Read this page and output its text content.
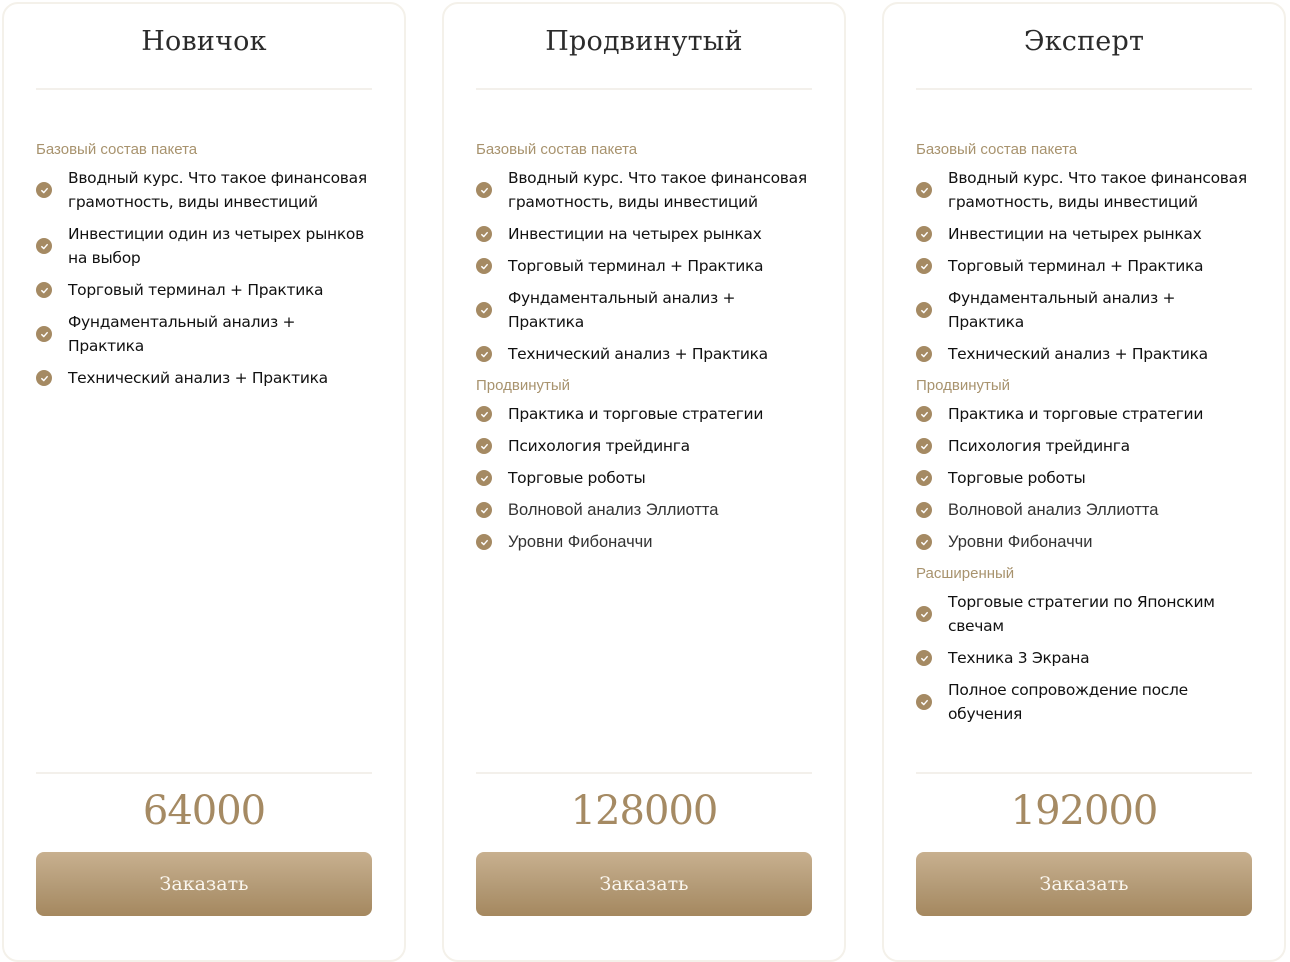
Новичок
Базовый состав пакета
Вводный курс. Что такое финансовая грамотность, виды инвестиций
Инвестиции один из четырех рынков на выбор
Торговый терминал + Практика
Фундаментальный анализ + Практика
Технический анализ + Практика
64000
Заказать
Продвинутый
Базовый состав пакета
Вводный курс. Что такое финансовая грамотность, виды инвестиций
Инвестиции на четырех рынках
Торговый терминал + Практика
Фундаментальный анализ + Практика
Технический анализ + Практика
Продвинутый
Практика и торговые стратегии
Психология трейдинга
Торговые роботы
Волновой анализ Эллиотта
Уровни Фибоначчи
128000
Заказать
Эксперт
Базовый состав пакета
Вводный курс. Что такое финансовая грамотность, виды инвестиций
Инвестиции на четырех рынках
Торговый терминал + Практика
Фундаментальный анализ + Практика
Технический анализ + Практика
Продвинутый
Практика и торговые стратегии
Психология трейдинга
Торговые роботы
Волновой анализ Эллиотта
Уровни Фибоначчи
Расширенный
Торговые стратегии по Японским свечам
Техника 3 Экрана
Полное сопровождение после обучения
192000
Заказать
